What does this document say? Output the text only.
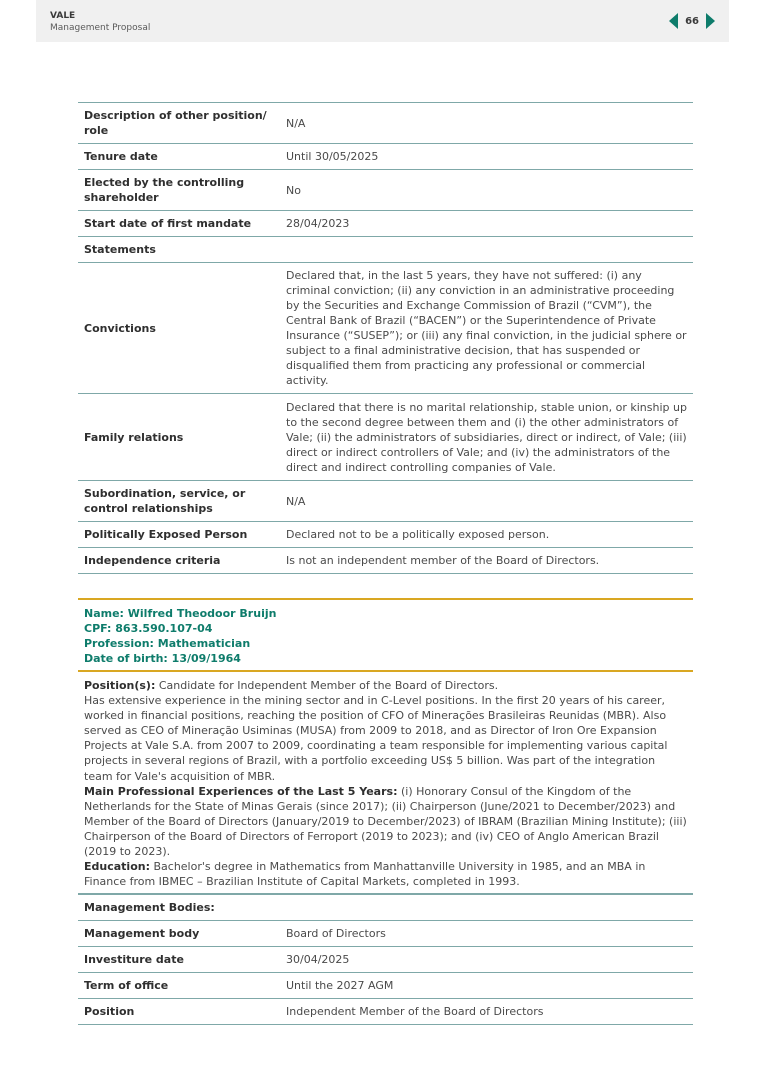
VALE
Management Proposal
66
Description of other position/ role	N/A
Tenure date	Until 30/05/2025
Elected by the controlling shareholder	No
Start date of first mandate	28/04/2023
Statements	
Convictions	Declared that, in the last 5 years, they have not suffered: (i) any criminal conviction; (ii) any conviction in an administrative proceeding by the Securities and Exchange Commission of Brazil (“CVM”), the Central Bank of Brazil (“BACEN”) or the Superintendence of Private Insurance (“SUSEP”); or (iii) any final conviction, in the judicial sphere or subject to a final administrative decision, that has suspended or disqualified them from practicing any professional or commercial activity.
Family relations	Declared that there is no marital relationship, stable union, or kinship up to the second degree between them and (i) the other administrators of Vale; (ii) the administrators of subsidiaries, direct or indirect, of Vale; (iii) direct or indirect controllers of Vale; and (iv) the administrators of the direct and indirect controlling companies of Vale.
Subordination, service, or control relationships	N/A
Politically Exposed Person	Declared not to be a politically exposed person.
Independence criteria	Is not an independent member of the Board of Directors.
Name: Wilfred Theodoor Bruijn
CPF: 863.590.107-04
Profession: Mathematician
Date of birth: 13/09/1964
Position(s): Candidate for Independent Member of the Board of Directors.
Has extensive experience in the mining sector and in C-Level positions. In the first 20 years of his career, worked in financial positions, reaching the position of CFO of Minerações Brasileiras Reunidas (MBR). Also served as CEO of Mineração Usiminas (MUSA) from 2009 to 2018, and as Director of Iron Ore Expansion Projects at Vale S.A. from 2007 to 2009, coordinating a team responsible for implementing various capital projects in several regions of Brazil, with a portfolio exceeding US$ 5 billion. Was part of the integration team for Vale's acquisition of MBR.
Main Professional Experiences of the Last 5 Years: (i) Honorary Consul of the Kingdom of the Netherlands for the State of Minas Gerais (since 2017); (ii) Chairperson (June/2021 to December/2023) and Member of the Board of Directors (January/2019 to December/2023) of IBRAM (Brazilian Mining Institute); (iii) Chairperson of the Board of Directors of Ferroport (2019 to 2023); and (iv) CEO of Anglo American Brazil (2019 to 2023).
Education: Bachelor's degree in Mathematics from Manhattanville University in 1985, and an MBA in Finance from IBMEC – Brazilian Institute of Capital Markets, completed in 1993.
Management Bodies:	
Management body	Board of Directors
Investiture date	30/04/2025
Term of office	Until the 2027 AGM
Position	Independent Member of the Board of Directors
